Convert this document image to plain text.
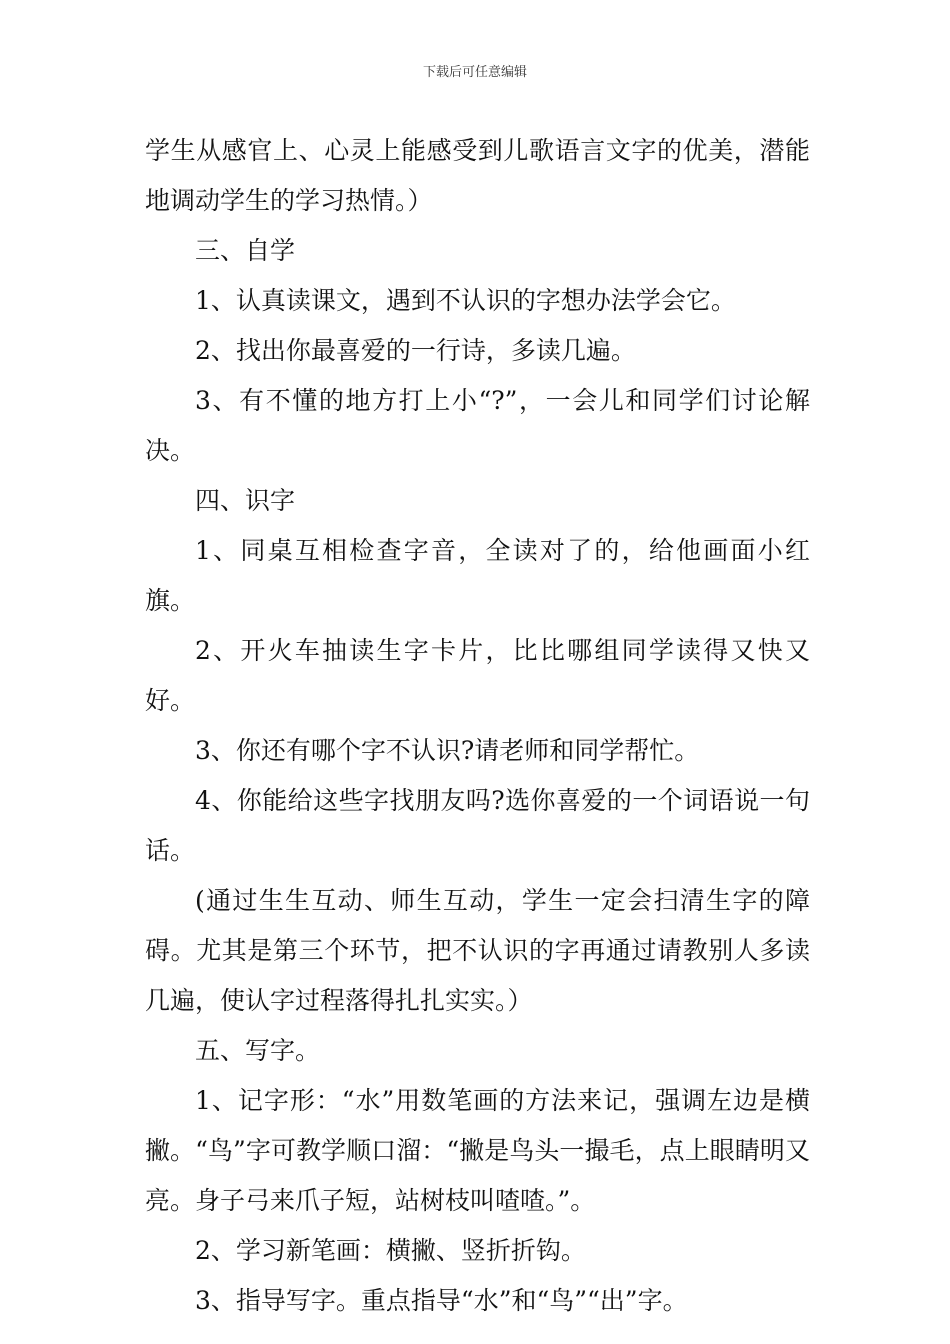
下载后可任意编辑

学生从感官上、心灵上能感受到儿歌语言文字的优美，潜能地调动学生的学习热情。）

三、自学

1、认真读课文，遇到不认识的字想办法学会它。

2、找出你最喜爱的一行诗，多读几遍。

3、有不懂的地方打上小“?”，一会儿和同学们讨论解决。

四、识字

1、同桌互相检查字音，全读对了的，给他画面小红旗。

2、开火车抽读生字卡片，比比哪组同学读得又快又好。

3、你还有哪个字不认识?请老师和同学帮忙。

4、你能给这些字找朋友吗?选你喜爱的一个词语说一句话。

(通过生生互动、师生互动，学生一定会扫清生字的障碍。尤其是第三个环节，把不认识的字再通过请教别人多读几遍，使认字过程落得扎扎实实。）

五、写字。

1、记字形：“水”用数笔画的方法来记，强调左边是横撇。“鸟”字可教学顺口溜：“撇是鸟头一撮毛，点上眼睛明又亮。身子弓来爪子短，站树枝叫喳喳。”。

2、学习新笔画：横撇、竖折折钩。

3、指导写字。重点指导“水”和“鸟”“出”字。
